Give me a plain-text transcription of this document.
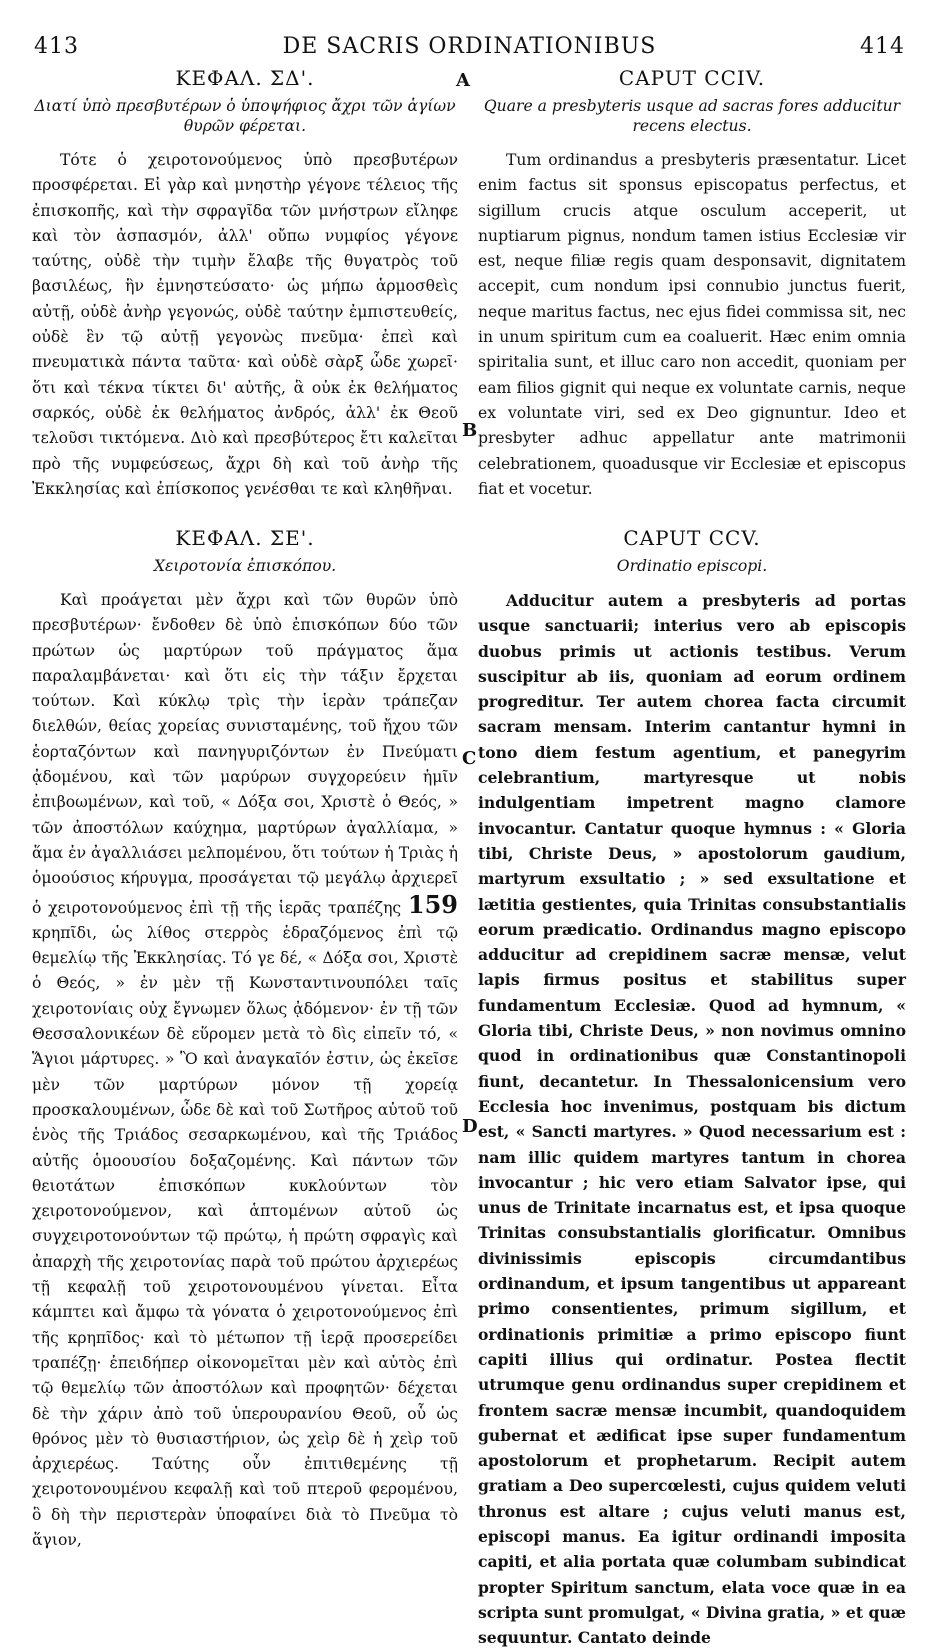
413	DE SACRIS ORDINATIONIBUS	414
ΚΕΦΑΛ. ΣΔ'.
Διατί ὑπὸ πρεσβυτέρων ὁ ὑποψήφιος ἄχρι τῶν ἁγίων θυρῶν φέρεται.

Τότε ὁ χειροτονούμενος ὑπὸ πρεσβυτέρων προσφέρεται. Εἰ γὰρ καὶ μνηστὴρ γέγονε τέλειος τῆς ἐπισκοπῆς, καὶ τὴν σφραγῖδα τῶν μνήστρων εἴληφε καὶ τὸν ἀσπασμόν, ἀλλ' οὔπω νυμφίος γέγονε ταύτης, οὐδὲ τὴν τιμὴν ἔλαβε τῆς θυγατρὸς τοῦ βασιλέως, ἣν ἐμνηστεύσατο· ὡς μήπω ἁρμοσθεὶς αὐτῇ, οὐδὲ ἀνὴρ γεγονώς, οὐδὲ ταύτην ἐμπιστευθείς, οὐδὲ ἓν τῷ αὐτῇ γεγονὼς πνεῦμα· ἐπεὶ καὶ πνευματικὰ πάντα ταῦτα· καὶ οὐδὲ σὰρξ ὧδε χωρεῖ· ὅτι καὶ τέκνα τίκτει δι' αὐτῆς, ἃ οὐκ ἐκ θελήματος σαρκός, οὐδὲ ἐκ θελήματος ἀνδρός, ἀλλ' ἐκ Θεοῦ τελοῦσι τικτόμενα. Διὸ καὶ πρεσβύτερος ἔτι καλεῖται πρὸ τῆς νυμφεύσεως, ἄχρι δὴ καὶ τοῦ ἀνὴρ τῆς Ἐκκλησίας καὶ ἐπίσκοπος γενέσθαι τε καὶ κληθῆναι.

ΚΕΦΑΛ. ΣΕ'.
Χειροτονία ἐπισκόπου.

Καὶ προάγεται μὲν ἄχρι καὶ τῶν θυρῶν ὑπὸ πρεσβυτέρων· ἔνδοθεν δὲ ὑπὸ ἐπισκόπων δύο τῶν πρώτων ὡς μαρτύρων τοῦ πράγματος ἅμα παραλαμβάνεται· καὶ ὅτι εἰς τὴν τάξιν ἔρχεται τούτων. Καὶ κύκλῳ τρὶς τὴν ἱερὰν τράπεζαν διελθών, θείας χορείας συνισταμένης, τοῦ ἤχου τῶν ἑορταζόντων καὶ πανηγυριζόντων ἐν Πνεύματι ᾀδομένου, καὶ τῶν μαρύρων συγχορεύειν ἡμῖν ἐπιβοωμένων, καὶ τοῦ, « Δόξα σοι, Χριστὲ ὁ Θεός, » τῶν ἀποστόλων καύχημα, μαρτύρων ἀγαλλίαμα, » ἅμα ἐν ἀγαλλιάσει μελπομένου, ὅτι τούτων ἡ Τριὰς ἡ ὁμοούσιος κήρυγμα, προσάγεται τῷ μεγάλῳ ἀρχιερεῖ ὁ χειροτονούμενος ἐπὶ τῇ τῆς ἱερᾶς τραπέζης 159 κρηπῖδι, ὡς λίθος στερρὸς ἑδραζόμενος ἐπὶ τῷ θεμελίῳ τῆς Ἐκκλησίας. Τό γε δέ, « Δόξα σοι, Χριστὲ ὁ Θεός, » ἐν μὲν τῇ Κωνσταντινουπόλει ταῖς χειροτονίαις οὐχ ἔγνωμεν ὅλως ᾀδόμενον· ἐν τῇ τῶν Θεσσαλονικέων δὲ εὕρομεν μετὰ τὸ δὶς εἰπεῖν τό, « Ἅγιοι μάρτυρες. » Ὃ καὶ ἀναγκαῖόν ἐστιν, ὡς ἐκεῖσε μὲν τῶν μαρτύρων μόνον τῇ χορείᾳ προσκαλουμένων, ὧδε δὲ καὶ τοῦ Σωτῆρος αὐτοῦ τοῦ ἑνὸς τῆς Τριάδος σεσαρκωμένου, καὶ τῆς Τριάδος αὐτῆς ὁμοουσίου δοξαζομένης. Καὶ πάντων τῶν θειοτάτων ἐπισκόπων κυκλούντων τὸν χειροτονούμενον, καὶ ἁπτομένων αὐτοῦ ὡς συγχειροτονούντων τῷ πρώτῳ, ἡ πρώτη σφραγὶς καὶ ἀπαρχὴ τῆς χειροτονίας παρὰ τοῦ πρώτου ἀρχιερέως τῇ κεφαλῇ τοῦ χειροτονουμένου γίνεται. Εἶτα κάμπτει καὶ ἄμφω τὰ γόνατα ὁ χειροτονούμενος ἐπὶ τῆς κρηπῖδος· καὶ τὸ μέτωπον τῇ ἱερᾷ προσερείδει τραπέζῃ· ἐπειδήπερ οἰκονομεῖται μὲν καὶ αὐτὸς ἐπὶ τῷ θεμελίῳ τῶν ἀποστόλων καὶ προφητῶν· δέχεται δὲ τὴν χάριν ἀπὸ τοῦ ὑπερουρανίου Θεοῦ, οὗ ὡς θρόνος μὲν τὸ θυσιαστήριον, ὡς χεὶρ δὲ ἡ χεὶρ τοῦ ἀρχιερέως. Ταύτης οὖν ἐπιτιθεμένης τῇ χειροτονουμένου κεφαλῇ καὶ τοῦ πτεροῦ φερομένου, ὃ δὴ τὴν περιστερὰν ὑποφαίνει διὰ τὸ Πνεῦμα τὸ ἅγιον,

CAPUT CCIV.
Quare a presbyteris usque ad sacras fores adducitur recens electus.

Tum ordinandus a presbyteris præsentatur. Licet enim factus sit sponsus episcopatus perfectus, et sigillum crucis atque osculum acceperit, ut nuptiarum pignus, nondum tamen istius Ecclesiæ vir est, neque filiæ regis quam desponsavit, dignitatem accepit, cum nondum ipsi connubio junctus fuerit, neque maritus factus, nec ejus fidei commissa sit, nec in unum spiritum cum ea coaluerit. Hæc enim omnia spiritalia sunt, et illuc caro non accedit, quoniam per eam filios gignit qui neque ex voluntate carnis, neque ex voluntate viri, sed ex Deo gignuntur. Ideo et presbyter adhuc appellatur ante matrimonii celebrationem, quoadusque vir Ecclesiæ et episcopus fiat et vocetur.

CAPUT CCV.
Ordinatio episcopi.

Adducitur autem a presbyteris ad portas usque sanctuarii; interius vero ab episcopis duobus primis ut actionis testibus. Verum suscipitur ab iis, quoniam ad eorum ordinem progreditur. Ter autem chorea facta circumit sacram mensam. Interim cantantur hymni in tono diem festum agentium, et panegyrim celebrantium, martyresque ut nobis indulgentiam impetrent magno clamore invocantur. Cantatur quoque hymnus : « Gloria tibi, Christe Deus, » apostolorum gaudium, martyrum exsultatio ; » sed exsultatione et lætitia gestientes, quia Trinitas consubstantialis eorum prædicatio. Ordinandus magno episcopo adducitur ad crepidinem sacræ mensæ, velut lapis firmus positus et stabilitus super fundamentum Ecclesiæ. Quod ad hymnum, « Gloria tibi, Christe Deus, » non novimus omnino quod in ordinationibus quæ Constantinopoli fiunt, decantetur. In Thessalonicensium vero Ecclesia hoc invenimus, postquam bis dictum est, « Sancti martyres. » Quod necessarium est : nam illic quidem martyres tantum in chorea invocantur ; hic vero etiam Salvator ipse, qui unus de Trinitate incarnatus est, et ipsa quoque Trinitas consubstantialis glorificatur. Omnibus divinissimis episcopis circumdantibus ordinandum, et ipsum tangentibus ut appareant primo consentientes, primum sigillum, et ordinationis primitiæ a primo episcopo fiunt capiti illius qui ordinatur. Postea flectit utrumque genu ordinandus super crepidinem et frontem sacræ mensæ incumbit, quandoquidem gubernat et ædificat ipse super fundamentum apostolorum et prophetarum. Recipit autem gratiam a Deo supercœlesti, cujus quidem veluti thronus est altare ; cujus veluti manus est, episcopi manus. Ea igitur ordinandi imposita capiti, et alia portata quæ columbam subindicat propter Spiritum sanctum, elata voce quæ in ea scripta sunt promulgat, « Divina gratia, » et quæ sequuntur. Cantato deinde

A
B
C
D
